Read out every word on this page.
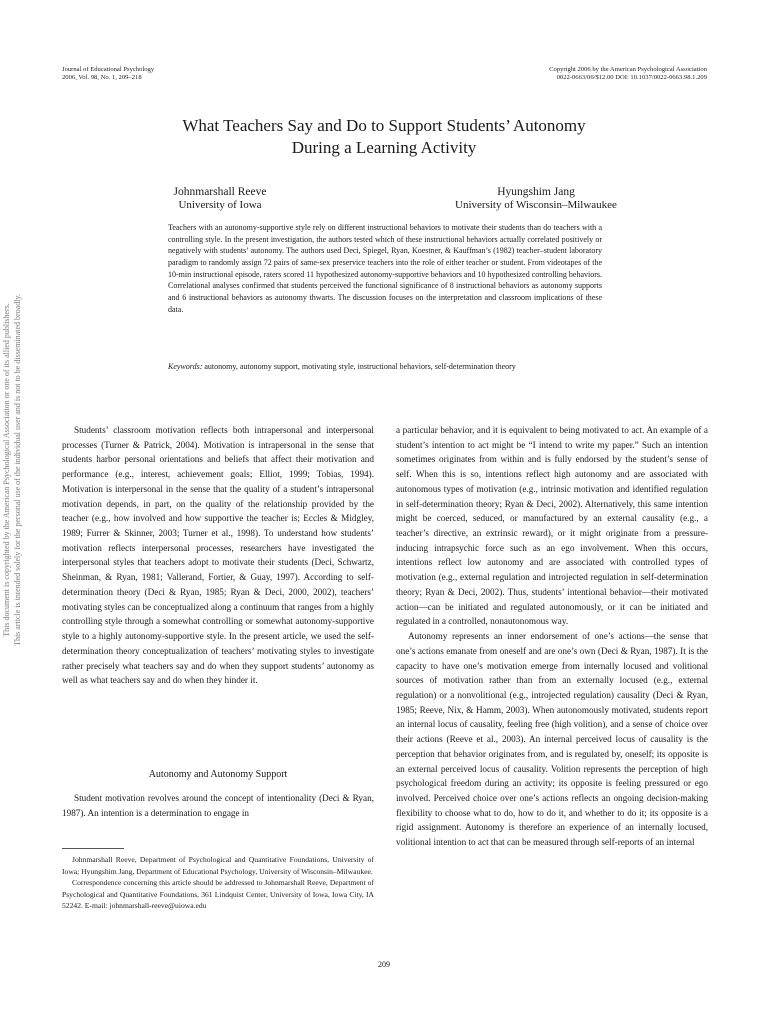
Journal of Educational Psychology
2006, Vol. 98, No. 1, 209–218
Copyright 2006 by the American Psychological Association
0022-0663/06/$12.00 DOI: 10.1037/0022-0663.98.1.209
What Teachers Say and Do to Support Students’ Autonomy
During a Learning Activity
Johnmarshall Reeve
University of Iowa
Hyungshim Jang
University of Wisconsin–Milwaukee
Teachers with an autonomy-supportive style rely on different instructional behaviors to motivate their students than do teachers with a controlling style. In the present investigation, the authors tested which of these instructional behaviors actually correlated positively or negatively with students’ autonomy. The authors used Deci, Spiegel, Ryan, Koestner, & Kauffman’s (1982) teacher–student laboratory paradigm to randomly assign 72 pairs of same-sex preservice teachers into the role of either teacher or student. From videotapes of the 10-min instructional episode, raters scored 11 hypothesized autonomy-supportive behaviors and 10 hypothesized controlling behaviors. Correlational analyses confirmed that students perceived the functional significance of 8 instructional behaviors as autonomy supports and 6 instructional behaviors as autonomy thwarts. The discussion focuses on the interpretation and classroom implications of these data.
Keywords: autonomy, autonomy support, motivating style, instructional behaviors, self-determination theory

Students’ classroom motivation reflects both intrapersonal and interpersonal processes (Turner & Patrick, 2004). Motivation is intrapersonal in the sense that students harbor personal orientations and beliefs that affect their motivation and performance (e.g., interest, achievement goals; Elliot, 1999; Tobias, 1994). Motivation is interpersonal in the sense that the quality of a student’s intrapersonal motivation depends, in part, on the quality of the relationship provided by the teacher (e.g., how involved and how supportive the teacher is; Eccles & Midgley, 1989; Furrer & Skinner, 2003; Turner et al., 1998). To understand how students’ motivation reflects interpersonal processes, researchers have investigated the interpersonal styles that teachers adopt to motivate their students (Deci, Schwartz, Sheinman, & Ryan, 1981; Vallerand, Fortier, & Guay, 1997). According to self-determination theory (Deci & Ryan, 1985; Ryan & Deci, 2000, 2002), teachers’ motivating styles can be conceptualized along a continuum that ranges from a highly controlling style through a somewhat controlling or somewhat autonomy-supportive style to a highly autonomy-supportive style. In the present article, we used the self-determination theory conceptualization of teachers’ motivating styles to investigate rather precisely what teachers say and do when they support students’ autonomy as well as what teachers say and do when they hinder it.

Autonomy and Autonomy Support

Student motivation revolves around the concept of intentionality (Deci & Ryan, 1987). An intention is a determination to engage in

Johnmarshall Reeve, Department of Psychological and Quantitative Foundations, University of Iowa; Hyungshim Jang, Department of Educational Psychology, University of Wisconsin–Milwaukee.

Correspondence concerning this article should be addressed to Johnmarshall Reeve, Department of Psychological and Quantitative Foundations, 361 Lindquist Center, University of Iowa, Iowa City, IA 52242. E-mail: johnmarshall-reeve@uiowa.edu

a particular behavior, and it is equivalent to being motivated to act. An example of a student’s intention to act might be “I intend to write my paper.” Such an intention sometimes originates from within and is fully endorsed by the student’s sense of self. When this is so, intentions reflect high autonomy and are associated with autonomous types of motivation (e.g., intrinsic motivation and identified regulation in self-determination theory; Ryan & Deci, 2002). Alternatively, this same intention might be coerced, seduced, or manufactured by an external causality (e.g., a teacher’s directive, an extrinsic reward), or it might originate from a pressure-inducing intrapsychic force such as an ego involvement. When this occurs, intentions reflect low autonomy and are associated with controlled types of motivation (e.g., external regulation and introjected regulation in self-determination theory; Ryan & Deci, 2002). Thus, students’ intentional behavior—their motivated action—can be initiated and regulated autonomously, or it can be initiated and regulated in a controlled, nonautonomous way.

Autonomy represents an inner endorsement of one’s actions—the sense that one’s actions emanate from oneself and are one’s own (Deci & Ryan, 1987). It is the capacity to have one’s motivation emerge from internally locused and volitional sources of motivation rather than from an externally locused (e.g., external regulation) or a nonvolitional (e.g., introjected regulation) causality (Deci & Ryan, 1985; Reeve, Nix, & Hamm, 2003). When autonomously motivated, students report an internal locus of causality, feeling free (high volition), and a sense of choice over their actions (Reeve et al., 2003). An internal perceived locus of causality is the perception that behavior originates from, and is regulated by, oneself; its opposite is an external perceived locus of causality. Volition represents the perception of high psychological freedom during an activity; its opposite is feeling pressured or ego involved. Perceived choice over one’s actions reflects an ongoing decision-making flexibility to choose what to do, how to do it, and whether to do it; its opposite is a rigid assignment. Autonomy is therefore an experience of an internally locused, volitional intention to act that can be measured through self-reports of an internal

209
This document is copyrighted by the American Psychological Association or one of its allied publishers. This article is intended solely for the personal use of the individual user and is not to be disseminated broadly.
